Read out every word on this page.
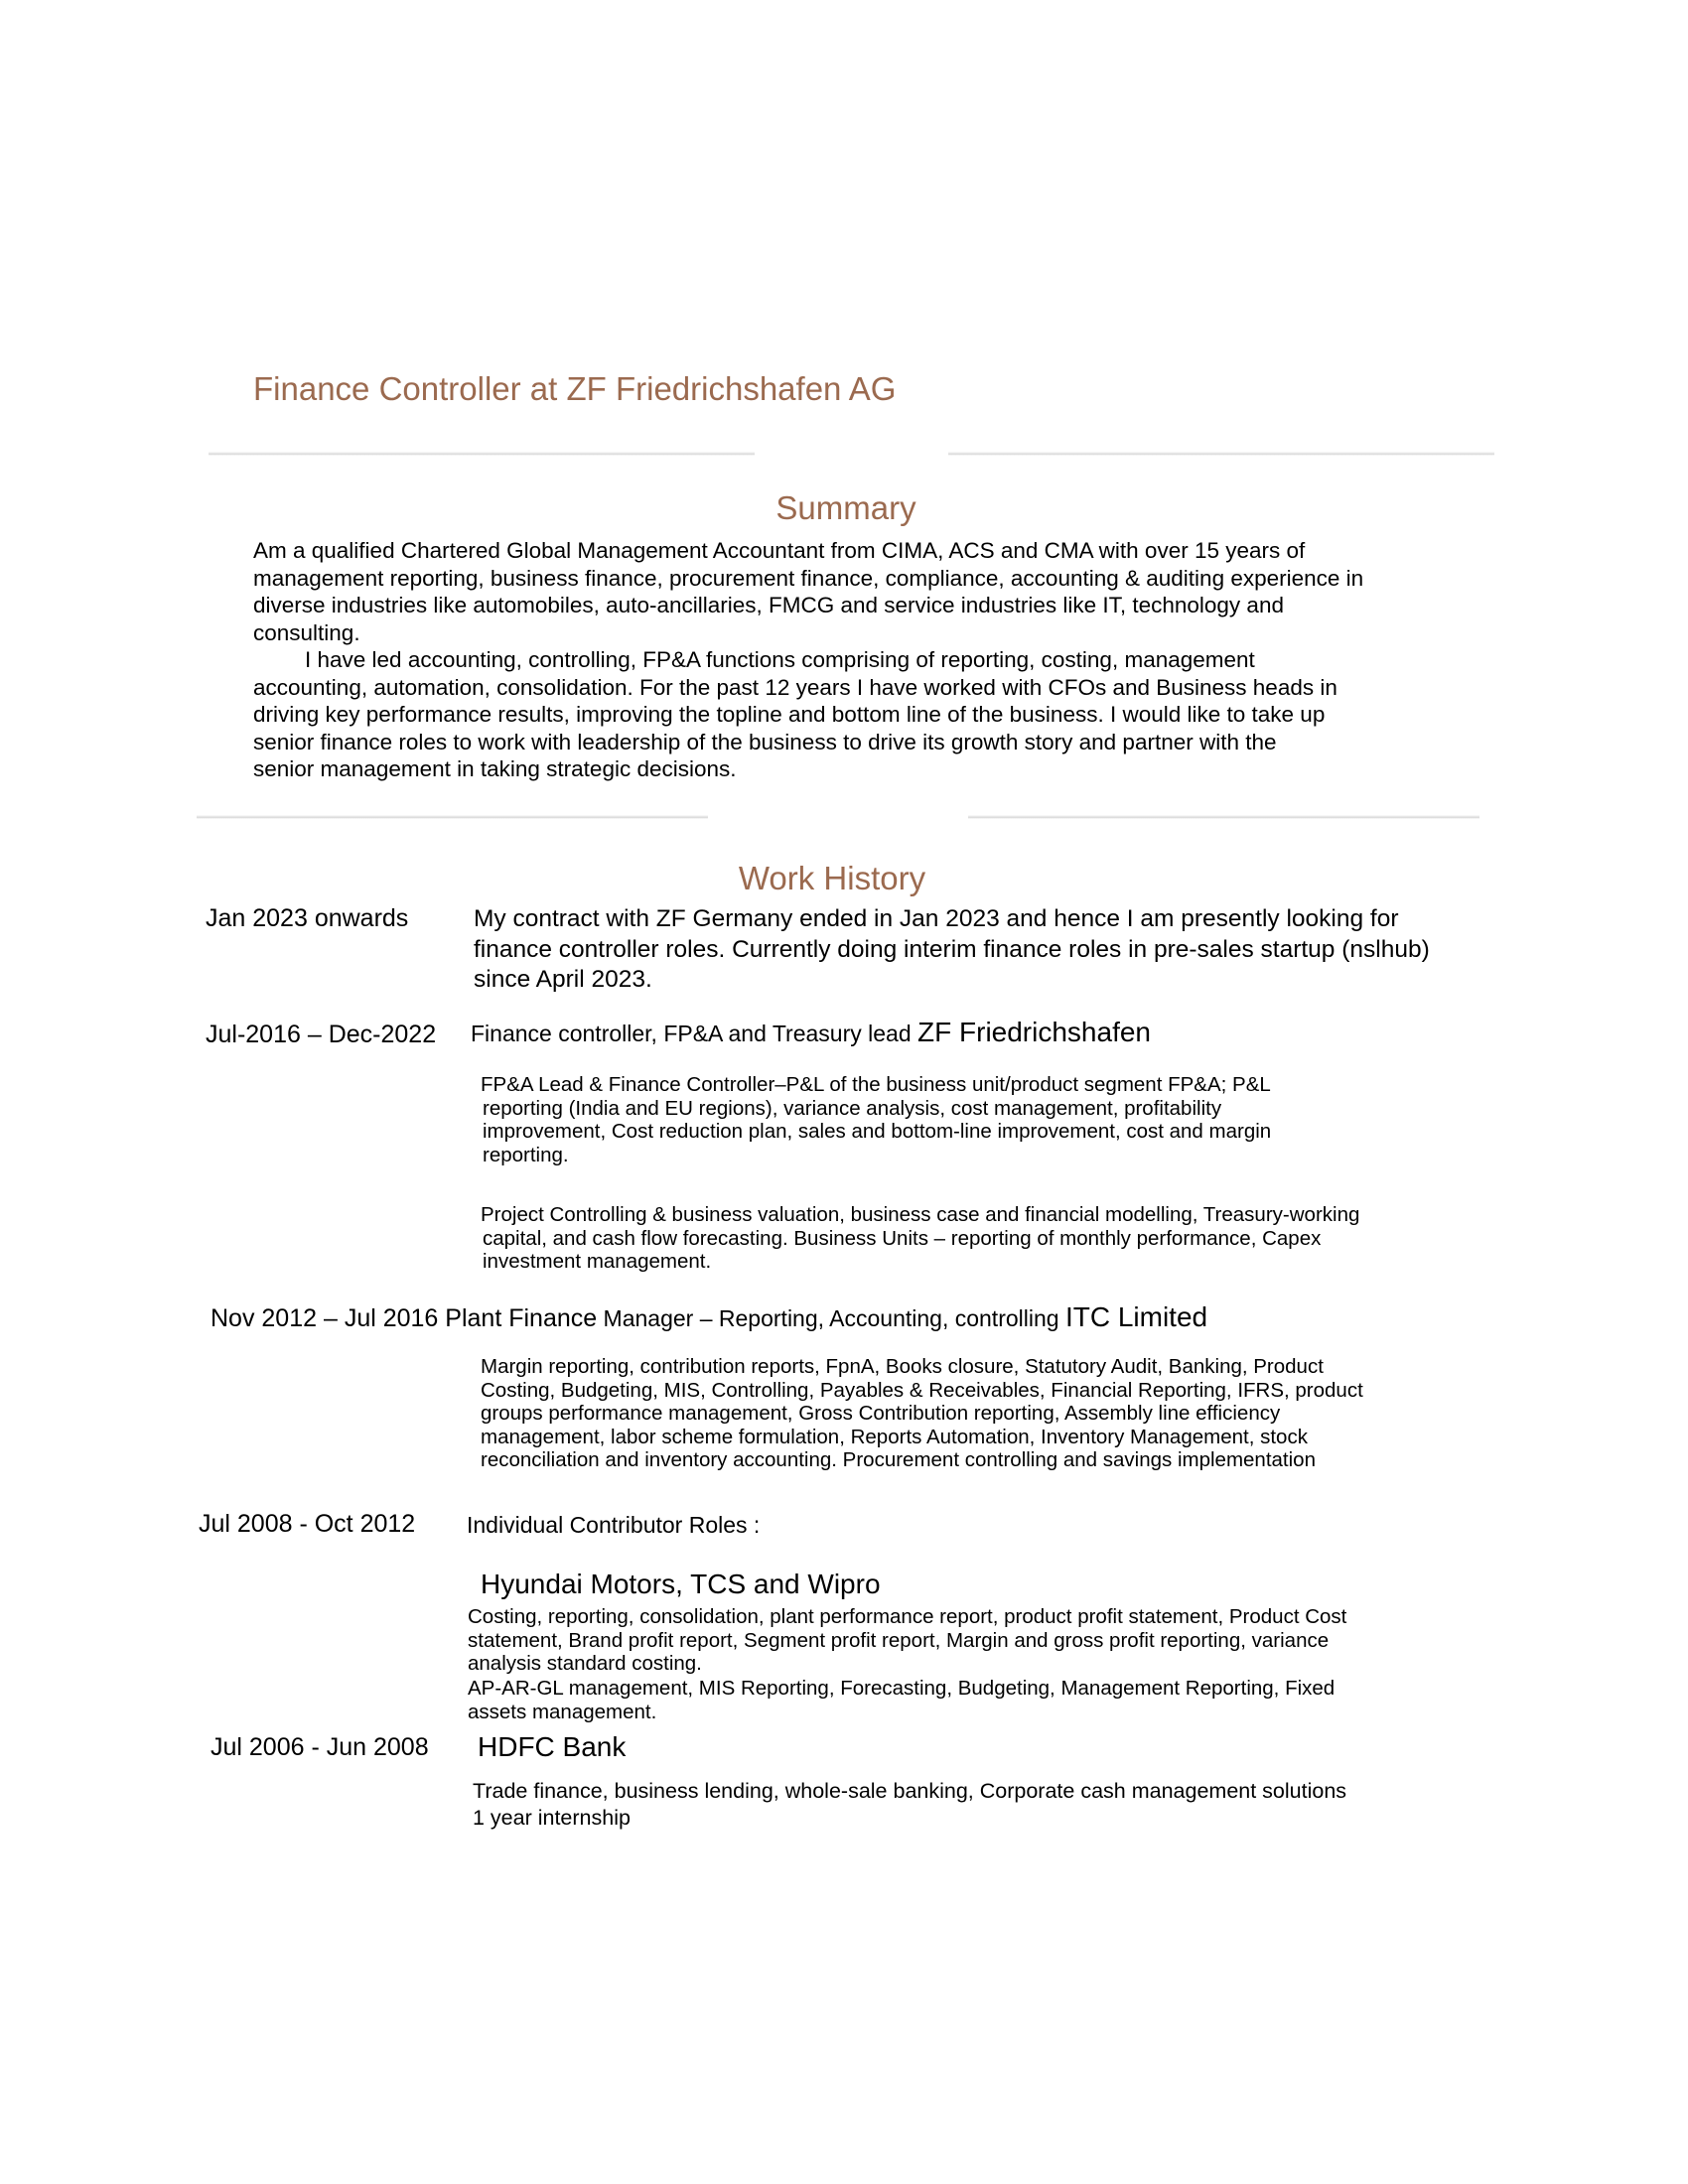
Finance Controller at ZF Friedrichshafen AG
Summary

Am a qualified Chartered Global Management Accountant from CIMA, ACS and CMA with over 15 years of

management reporting, business finance, procurement finance, compliance, accounting & auditing experience in

diverse industries like automobiles, auto-ancillaries, FMCG and service industries like IT, technology and

consulting.

I have led accounting, controlling, FP&A functions comprising of reporting, costing, management

accounting, automation, consolidation. For the past 12 years I have worked with CFOs and Business heads in

driving key performance results, improving the topline and bottom line of the business. I would like to take up

senior finance roles to work with leadership of the business to drive its growth story and partner with the

senior management in taking strategic decisions.

Work History
Jan 2023 onwards	My contract with ZF Germany ended in Jan 2023 and hence I am presently looking for
finance controller roles. Currently doing interim finance roles in pre-sales startup (nslhub)
since April 2023.
Jul-2016 – Dec-2022 Finance controller, FP&A and Treasury lead ZF Friedrichshafen
FP&A Lead & Finance Controller–P&L of the business unit/product segment FP&A; P&L
reporting (India and EU regions), variance analysis, cost management, profitability
improvement, Cost reduction plan, sales and bottom-line improvement, cost and margin
reporting.
Project Controlling & business valuation, business case and financial modelling, Treasury-working
capital, and cash flow forecasting. Business Units – reporting of monthly performance, Capex
investment management.
Nov 2012 – Jul 2016 Plant Finance Manager – Reporting, Accounting, controlling ITC Limited
Margin reporting, contribution reports, FpnA, Books closure, Statutory Audit, Banking, Product
Costing, Budgeting, MIS, Controlling, Payables & Receivables, Financial Reporting, IFRS, product
groups performance management, Gross Contribution reporting, Assembly line efficiency
management, labor scheme formulation, Reports Automation, Inventory Management, stock
reconciliation and inventory accounting. Procurement controlling and savings implementation
Jul 2008 - Oct 2012 Individual Contributor Roles :
Hyundai Motors, TCS and Wipro
Costing, reporting, consolidation, plant performance report, product profit statement, Product Cost
statement, Brand profit report, Segment profit report, Margin and gross profit reporting, variance
analysis standard costing.
AP-AR-GL management, MIS Reporting, Forecasting, Budgeting, Management Reporting, Fixed
assets management.
Jul 2006 - Jun 2008 HDFC Bank
Trade finance, business lending, whole-sale banking, Corporate cash management solutions
1 year internship
